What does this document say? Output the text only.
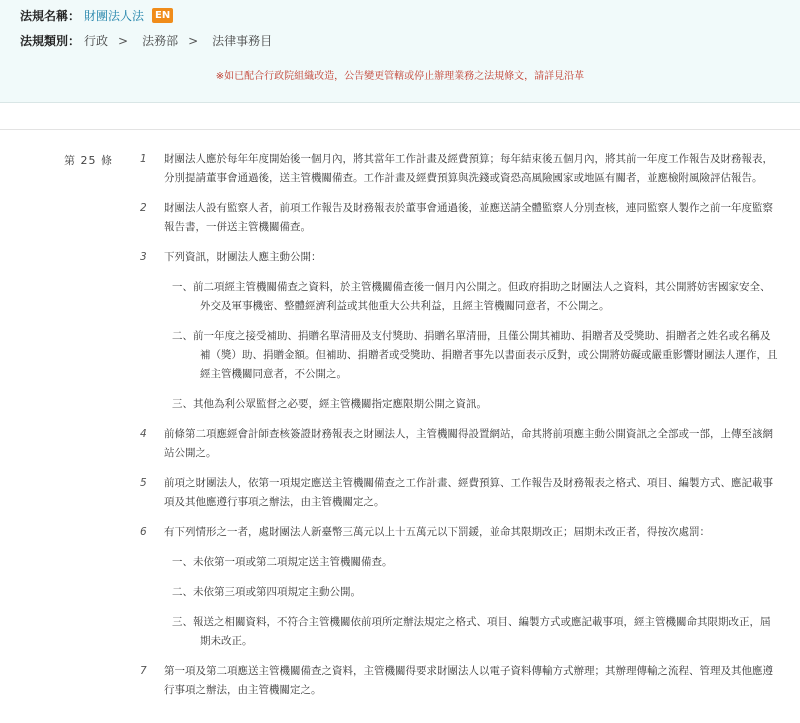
法規名稱： 財團法人法	EN
法規類別： 行政 > 法務部 > 法律事務目
※如已配合行政院組織改造，公告變更管轄或停止辦理業務之法規條文，請詳見沿革
第 25 條	1 財團法人應於每年年度開始後一個月內，將其當年工作計畫及經費預算；每年結束後五個月內，將其前一年度工作報告及財務報表，分別提請董事會通過後，送主管機關備查。工作計畫及經費預算與洗錢或資恐高風險國家或地區有關者，並應檢附風險評估報告。
2 財團法人設有監察人者，前項工作報告及財務報表於董事會通過後，並應送請全體監察人分別查核，連同監察人製作之前一年度監察報告書，一併送主管機關備查。
3 下列資訊，財團法人應主動公開：
一、前二項經主管機關備查之資料，於主管機關備查後一個月內公開之。但政府捐助之財團法人之資料，其公開將妨害國家安全、外交及軍事機密、整體經濟利益或其他重大公共利益，且經主管機關同意者，不公開之。
二、前一年度之接受補助、捐贈名單清冊及支付獎助、捐贈名單清冊，且僅公開其補助、捐贈者及受獎助、捐贈者之姓名或名稱及補（獎）助、捐贈金額。但補助、捐贈者或受獎助、捐贈者事先以書面表示反對，或公開將妨礙或嚴重影響財團法人運作，且經主管機關同意者，不公開之。
三、其他為利公眾監督之必要，經主管機關指定應限期公開之資訊。
4 前條第二項應經會計師查核簽證財務報表之財團法人，主管機關得設置網站，命其將前項應主動公開資訊之全部或一部，上傳至該網站公開之。
5 前項之財團法人，依第一項規定應送主管機關備查之工作計畫、經費預算、工作報告及財務報表之格式、項目、編製方式、應記載事項及其他應遵行事項之辦法，由主管機關定之。
6 有下列情形之一者，處財團法人新臺幣三萬元以上十五萬元以下罰鍰，並命其限期改正；屆期未改正者，得按次處罰：
一、未依第一項或第二項規定送主管機關備查。
二、未依第三項或第四項規定主動公開。
三、報送之相關資料，不符合主管機關依前項所定辦法規定之格式、項目、編製方式或應記載事項，經主管機關命其限期改正，屆期未改正。
7 第一項及第二項應送主管機關備查之資料，主管機關得要求財團法人以電子資料傳輸方式辦理；其辦理傳輸之流程、管理及其他應遵行事項之辦法，由主管機關定之。
